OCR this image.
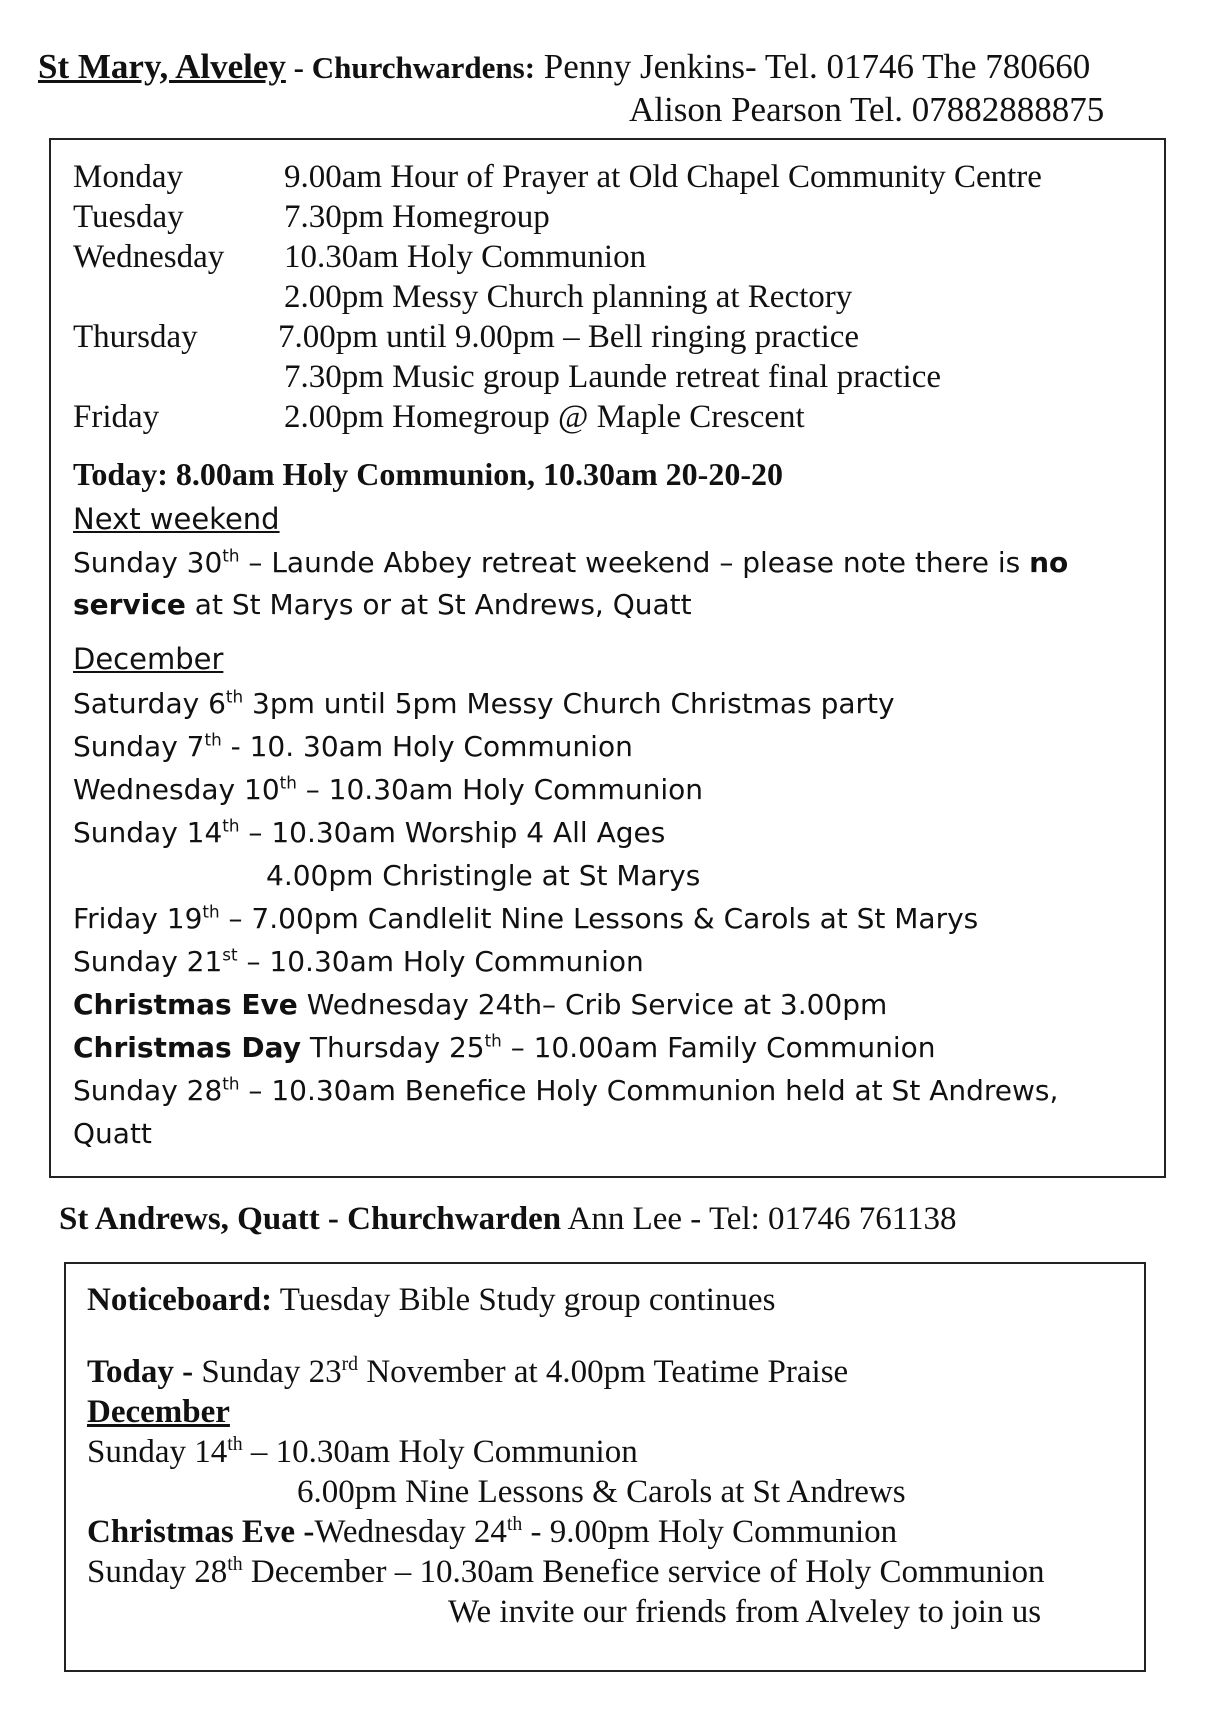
St Mary, Alveley - Churchwardens: Penny Jenkins- Tel. 01746 The 780660
Alison Pearson Tel. 07882888875
Monday	9.00am Hour of Prayer at Old Chapel Community Centre
Tuesday	7.30pm Homegroup
Wednesday 10.30am Holy Communion
2.00pm Messy Church planning at Rectory
Thursday 7.00pm until 9.00pm – Bell ringing practice
7.30pm Music group Launde retreat final practice
Friday	2.00pm Homegroup @ Maple Crescent
Today: 8.00am Holy Communion, 10.30am 20-20-20
Next weekend
Sunday 30th – Launde Abbey retreat weekend – please note there is no
service at St Marys or at St Andrews, Quatt
December
Saturday 6th 3pm until 5pm Messy Church Christmas party
Sunday 7th - 10. 30am Holy Communion
Wednesday 10th – 10.30am Holy Communion
Sunday 14th – 10.30am Worship 4 All Ages
4.00pm Christingle at St Marys
Friday 19th – 7.00pm Candlelit Nine Lessons & Carols at St Marys
Sunday 21st – 10.30am Holy Communion
Christmas Eve Wednesday 24th– Crib Service at 3.00pm
Christmas Day Thursday 25th – 10.00am Family Communion
Sunday 28th – 10.30am Benefice Holy Communion held at St Andrews,
Quatt
St Andrews, Quatt - Churchwarden Ann Lee - Tel: 01746 761138
Noticeboard: Tuesday Bible Study group continues
Today - Sunday 23rd November at 4.00pm Teatime Praise
December
Sunday 14th – 10.30am Holy Communion
6.00pm Nine Lessons & Carols at St Andrews
Christmas Eve -Wednesday 24th - 9.00pm Holy Communion
Sunday 28th December – 10.30am Benefice service of Holy Communion
We invite our friends from Alveley to join us
